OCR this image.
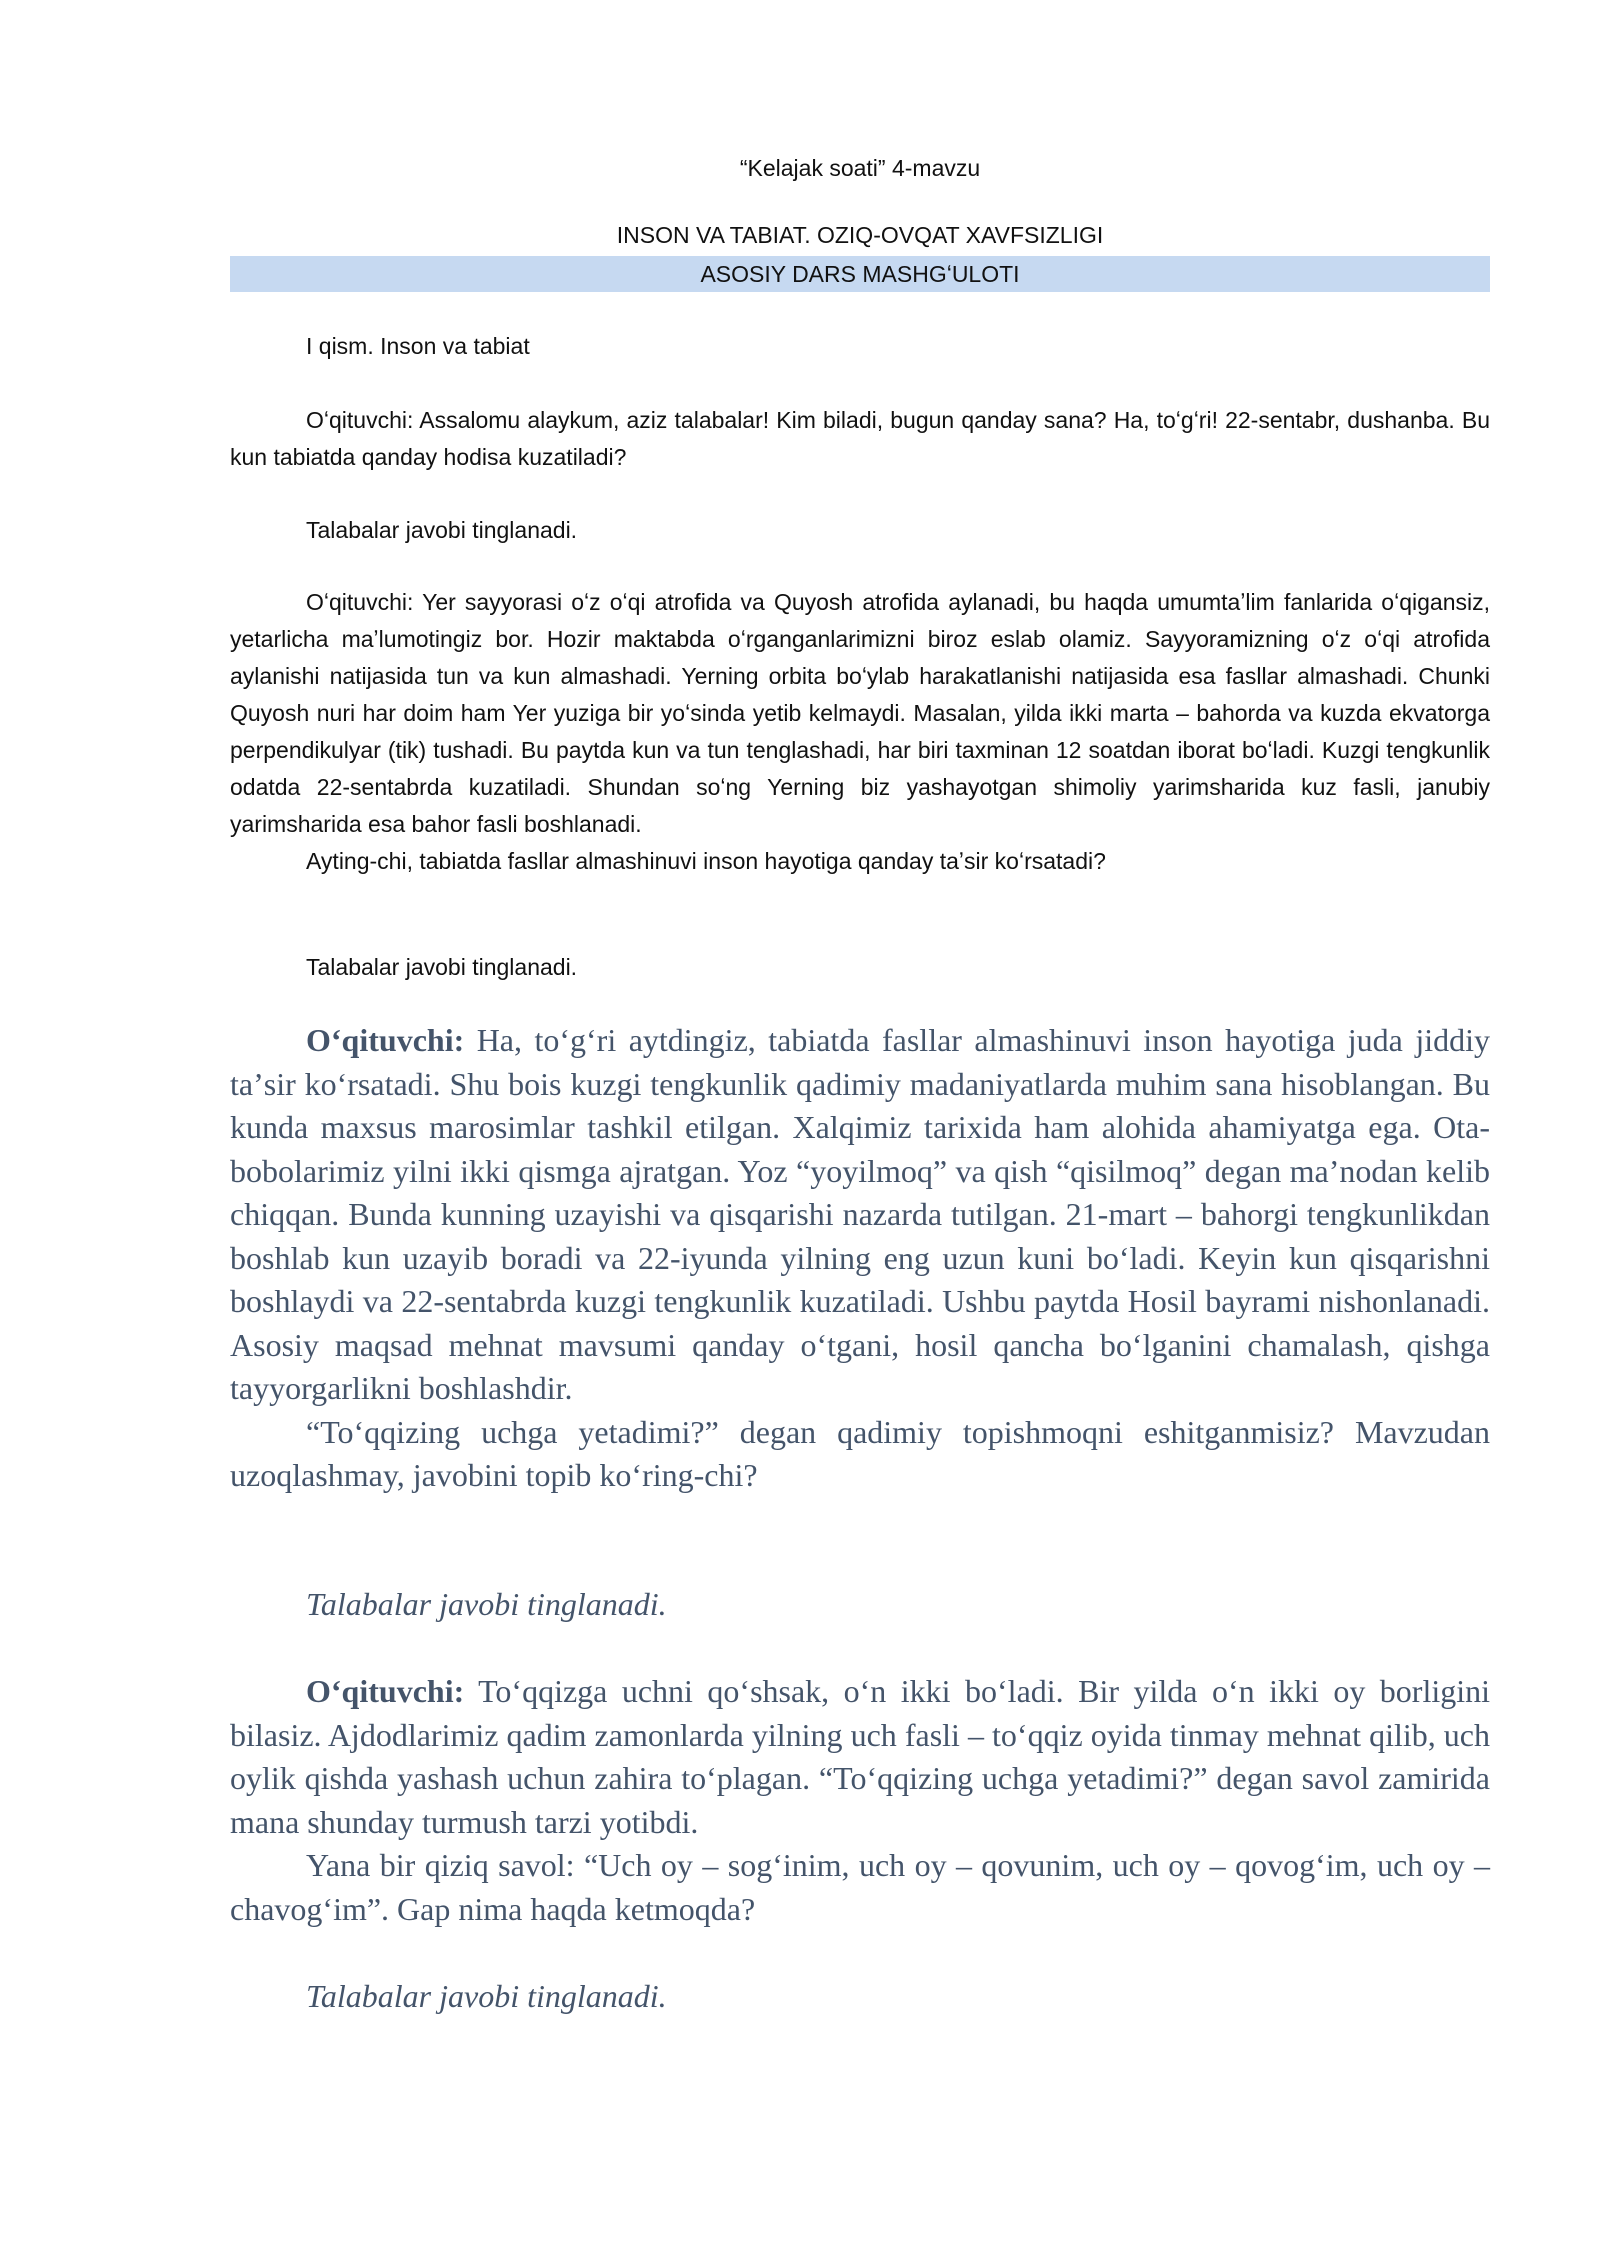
“Kelajak soati” 4-mavzu
INSON VA TABIAT. OZIQ-OVQAT XAVFSIZLIGI
ASOSIY DARS MASHGʻULOTI

I qism. Inson va tabiat

Oʻqituvchi: Assalomu alaykum, aziz talabalar! Kim biladi, bugun qanday sana? Ha, toʻgʻri! 22-sentabr, dushanba. Bu kun tabiatda qanday hodisa kuzatiladi?

Talabalar javobi tinglanadi.

Oʻqituvchi: Yer sayyorasi oʻz oʻqi atrofida va Quyosh atrofida aylanadi, bu haqda umumtaʼlim fanlarida oʻqigansiz, yetarlicha maʼlumotingiz bor. Hozir maktabda oʻrganganlarimizni biroz eslab olamiz. Sayyoramizning oʻz oʻqi atrofida aylanishi natijasida tun va kun almashadi. Yerning orbita boʻylab harakatlanishi natijasida esa fasllar almashadi. Chunki Quyosh nuri har doim ham Yer yuziga bir yoʻsinda yetib kelmaydi. Masalan, yilda ikki marta – bahorda va kuzda ekvatorga perpendikulyar (tik) tushadi. Bu paytda kun va tun tenglashadi, har biri taxminan 12 soatdan iborat boʻladi. Kuzgi tengkunlik odatda 22-sentabrda kuzatiladi. Shundan soʻng Yerning biz yashayotgan shimoliy yarimsharida kuz fasli, janubiy yarimsharida esa bahor fasli boshlanadi.

Ayting-chi, tabiatda fasllar almashinuvi inson hayotiga qanday taʼsir koʻrsatadi?

Talabalar javobi tinglanadi.

Oʻqituvchi: Ha, toʻgʻri aytdingiz, tabiatda fasllar almashinuvi inson hayotiga juda jiddiy taʼsir koʻrsatadi. Shu bois kuzgi tengkunlik qadimiy madaniyatlarda muhim sana hisoblangan. Bu kunda maxsus marosimlar tashkil etilgan. Xalqimiz tarixida ham alohida ahamiyatga ega. Ota-bobolarimiz yilni ikki qismga ajratgan. Yoz “yoyilmoq” va qish “qisilmoq” degan maʼnodan kelib chiqqan. Bunda kunning uzayishi va qisqarishi nazarda tutilgan. 21-mart – bahorgi tengkunlikdan boshlab kun uzayib boradi va 22-iyunda yilning eng uzun kuni boʻladi. Keyin kun qisqarishni boshlaydi va 22-sentabrda kuzgi tengkunlik kuzatiladi. Ushbu paytda Hosil bayrami nishonlanadi. Asosiy maqsad mehnat mavsumi qanday oʻtgani, hosil qancha boʻlganini chamalash, qishga tayyorgarlikni boshlashdir.

“Toʻqqizing uchga yetadimi?” degan qadimiy topishmoqni eshitganmisiz? Mavzudan uzoqlashmay, javobini topib koʻring-chi?

Talabalar javobi tinglanadi.

Oʻqituvchi: Toʻqqizga uchni qoʻshsak, oʻn ikki boʻladi. Bir yilda oʻn ikki oy borligini bilasiz. Ajdodlarimiz qadim zamonlarda yilning uch fasli – toʻqqiz oyida tinmay mehnat qilib, uch oylik qishda yashash uchun zahira toʻplagan. “Toʻqqizing uchga yetadimi?” degan savol zamirida mana shunday turmush tarzi yotibdi.

Yana bir qiziq savol: “Uch oy – sogʻinim, uch oy – qovunim, uch oy – qovogʻim, uch oy – chavogʻim”. Gap nima haqda ketmoqda?

Talabalar javobi tinglanadi.
